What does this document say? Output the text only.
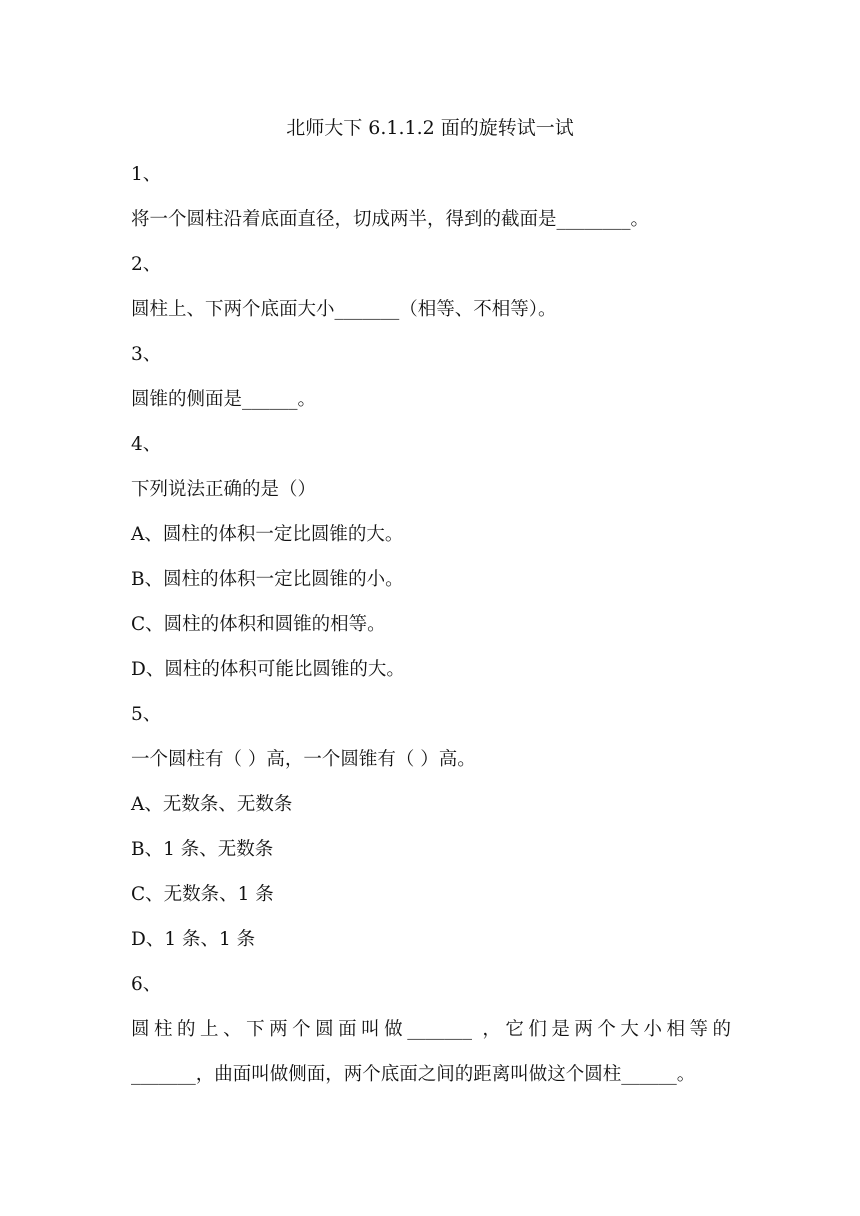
北师大下 6.1.1.2 面的旋转试一试
1、
将一个圆柱沿着底面直径，切成两半，得到的截面是________。
2、
圆柱上、下两个底面大小_______（相等、不相等）。
3、
圆锥的侧面是______。
4、
下列说法正确的是（）
A、圆柱的体积一定比圆锥的大。
B、圆柱的体积一定比圆锥的小。
C、圆柱的体积和圆锥的相等。
D、圆柱的体积可能比圆锥的大。
5、
一个圆柱有（ ）高，一个圆锥有（ ）高。
A、无数条、无数条
B、1 条、无数条
C、无数条、1 条
D、1 条、1 条
6、
圆柱的上、下两个圆面叫做_______ ，它们是两个大小相等的
_______，曲面叫做侧面，两个底面之间的距离叫做这个圆柱______。
